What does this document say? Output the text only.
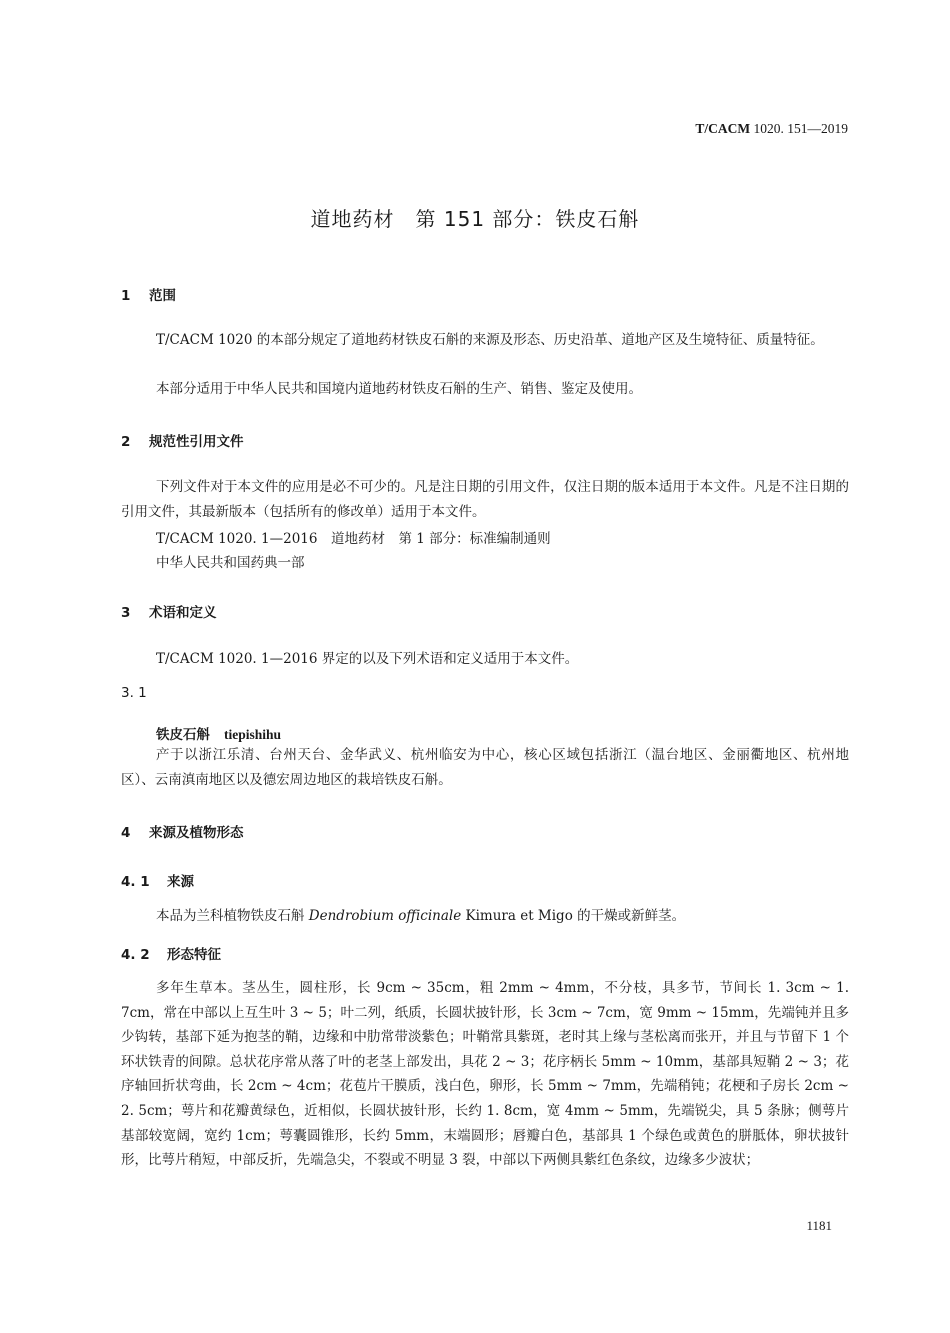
T/CACM 1020. 151—2019
道地药材　第 151 部分：铁皮石斛
1 范围
T/CACM 1020 的本部分规定了道地药材铁皮石斛的来源及形态、历史沿革、道地产区及生境特征、质量特征。
本部分适用于中华人民共和国境内道地药材铁皮石斛的生产、销售、鉴定及使用。
2 规范性引用文件
下列文件对于本文件的应用是必不可少的。凡是注日期的引用文件，仅注日期的版本适用于本文件。凡是不注日期的引用文件，其最新版本（包括所有的修改单）适用于本文件。
T/CACM 1020. 1—2016　道地药材　第 1 部分：标准编制通则
中华人民共和国药典一部
3 术语和定义
T/CACM 1020. 1—2016 界定的以及下列术语和定义适用于本文件。
3. 1
铁皮石斛 tiepishihu
产于以浙江乐清、台州天台、金华武义、杭州临安为中心，核心区域包括浙江（温台地区、金丽衢地区、杭州地区）、云南滇南地区以及德宏周边地区的栽培铁皮石斛。
4 来源及植物形态
4. 1 来源
本品为兰科植物铁皮石斛 Dendrobium officinale Kimura et Migo 的干燥或新鲜茎。
4. 2 形态特征
多年生草本。茎丛生，圆柱形，长 9cm ~ 35cm，粗 2mm ~ 4mm，不分枝，具多节，节间长 1. 3cm ~ 1. 7cm，常在中部以上互生叶 3 ~ 5；叶二列，纸质，长圆状披针形，长 3cm ~ 7cm，宽 9mm ~ 15mm，先端钝并且多少钩转，基部下延为抱茎的鞘，边缘和中肋常带淡紫色；叶鞘常具紫斑，老时其上缘与茎松离而张开，并且与节留下 1 个环状铁青的间隙。总状花序常从落了叶的老茎上部发出，具花 2 ~ 3；花序柄长 5mm ~ 10mm，基部具短鞘 2 ~ 3；花序轴回折状弯曲，长 2cm ~ 4cm；花苞片干膜质，浅白色，卵形，长 5mm ~ 7mm，先端稍钝；花梗和子房长 2cm ~ 2. 5cm；萼片和花瓣黄绿色，近相似，长圆状披针形，长约 1. 8cm，宽 4mm ~ 5mm，先端锐尖，具 5 条脉；侧萼片基部较宽阔，宽约 1cm；萼囊圆锥形，长约 5mm，末端圆形；唇瓣白色，基部具 1 个绿色或黄色的胼胝体，卵状披针形，比萼片稍短，中部反折，先端急尖，不裂或不明显 3 裂，中部以下两侧具紫红色条纹，边缘多少波状；
1181
